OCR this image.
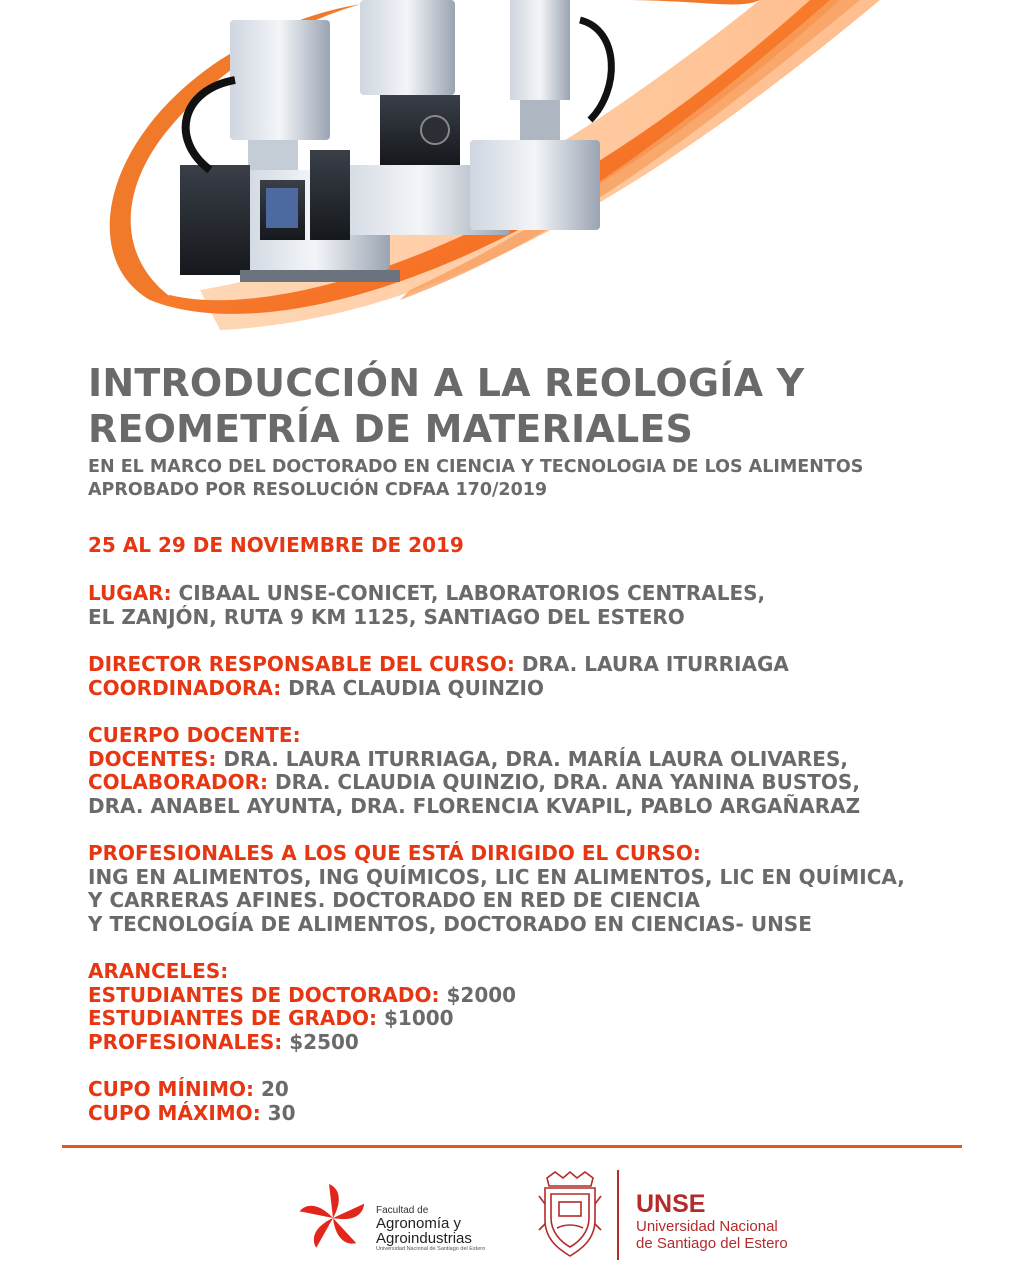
INTRODUCCIÓN A LA REOLOGÍA Y
REOMETRÍA DE MATERIALES
EN EL MARCO DEL DOCTORADO EN CIENCIA Y TECNOLOGIA DE LOS ALIMENTOS
APROBADO POR RESOLUCIÓN CDFAA 170/2019
25 AL 29 DE NOVIEMBRE DE 2019
LUGAR: CIBAAL UNSE-CONICET, LABORATORIOS CENTRALES,
EL ZANJÓN, RUTA 9 KM 1125, SANTIAGO DEL ESTERO
DIRECTOR RESPONSABLE DEL CURSO: DRA. LAURA ITURRIAGA
COORDINADORA: DRA CLAUDIA QUINZIO
CUERPO DOCENTE:
DOCENTES: DRA. LAURA ITURRIAGA, DRA. MARÍA LAURA OLIVARES,
COLABORADOR: DRA. CLAUDIA QUINZIO, DRA. ANA YANINA BUSTOS,
DRA. ANABEL AYUNTA, DRA. FLORENCIA KVAPIL, PABLO ARGAÑARAZ
PROFESIONALES A LOS QUE ESTÁ DIRIGIDO EL CURSO:
ING EN ALIMENTOS, ING QUÍMICOS, LIC EN ALIMENTOS, LIC EN QUÍMICA,
Y CARRERAS AFINES. DOCTORADO EN RED DE CIENCIA
Y TECNOLOGÍA DE ALIMENTOS, DOCTORADO EN CIENCIAS- UNSE
ARANCELES:
ESTUDIANTES DE DOCTORADO: $2000
ESTUDIANTES DE GRADO: $1000
PROFESIONALES: $2500
CUPO MÍNIMO: 20
CUPO MÁXIMO: 30
Facultad de
Agronomía y
Agroindustrias
Universidad Nacional de Santiago del Estero
UNSE
Universidad Nacional
de Santiago del Estero
